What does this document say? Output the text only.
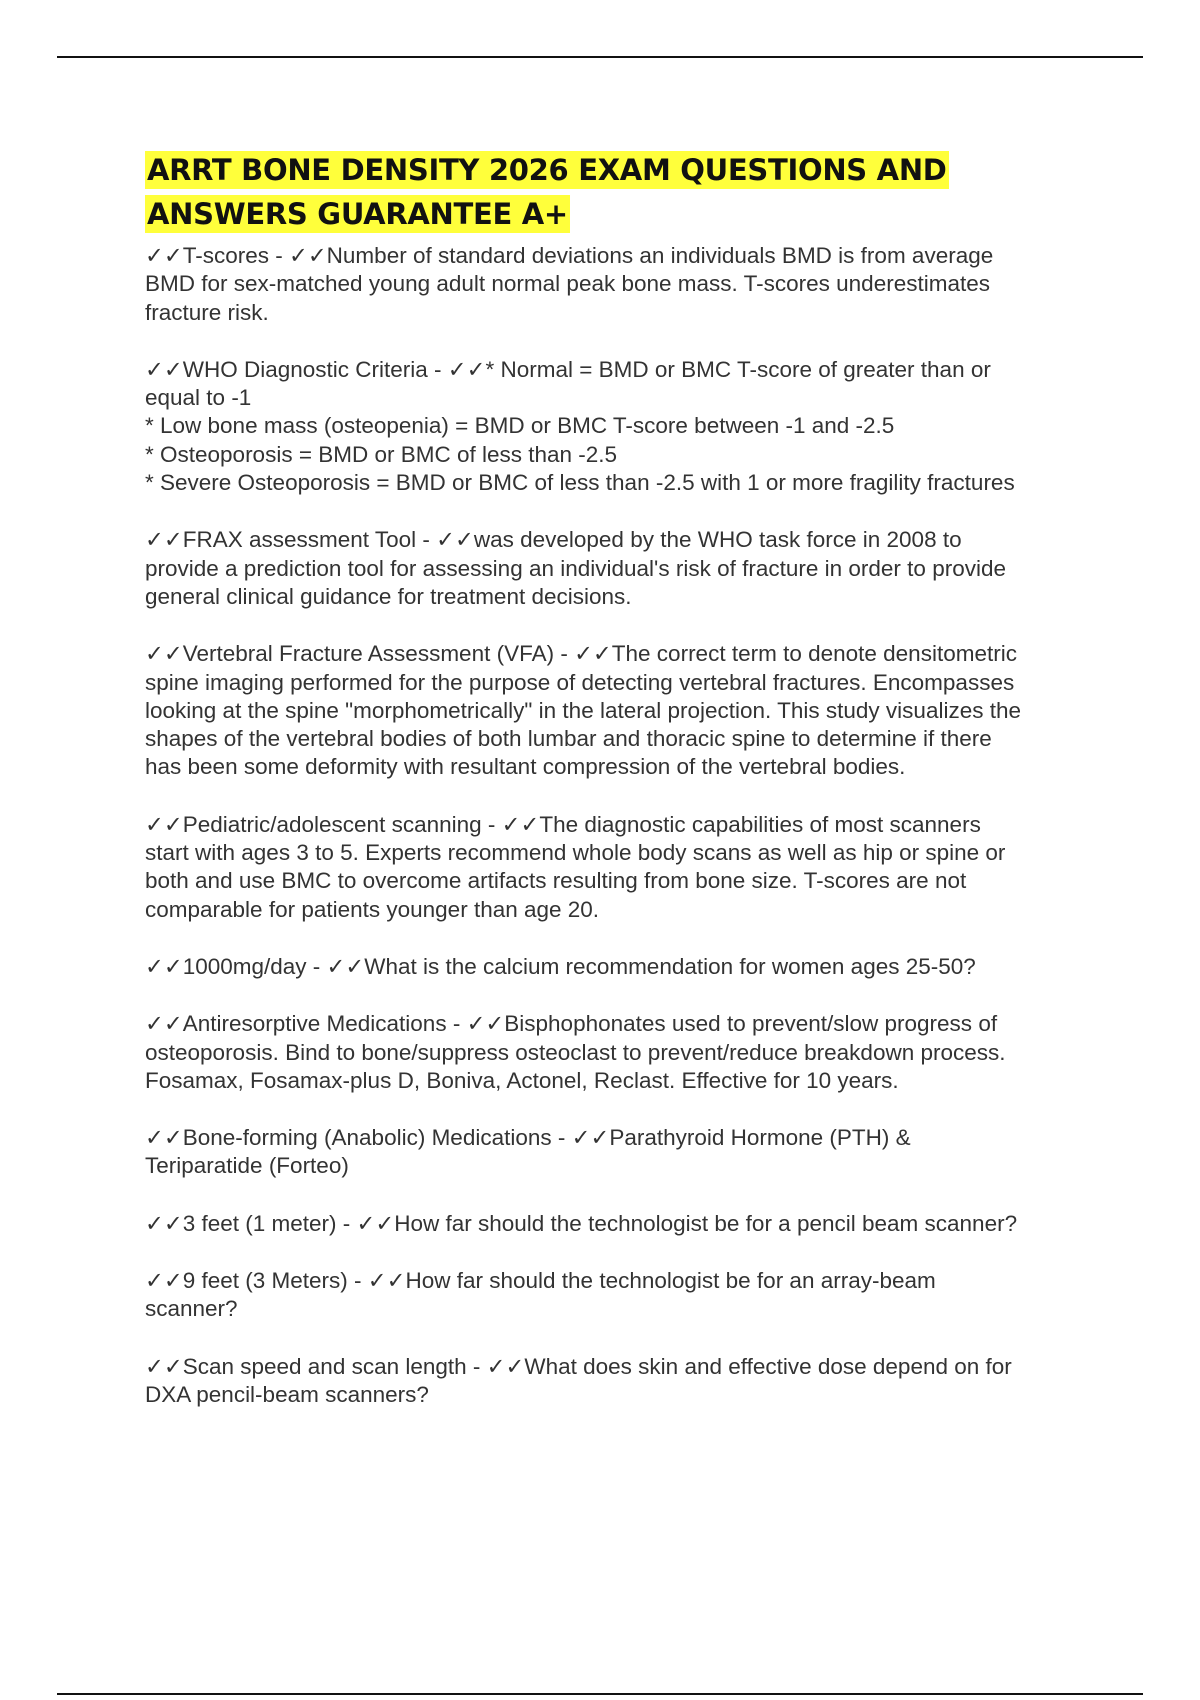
ARRT BONE DENSITY 2026 EXAM QUESTIONS AND
ANSWERS GUARANTEE A+
✓✓T-scores - ✓✓Number of standard deviations an individuals BMD is from average
BMD for sex-matched young adult normal peak bone mass. T-scores underestimates
fracture risk.
✓✓WHO Diagnostic Criteria - ✓✓* Normal = BMD or BMC T-score of greater than or
equal to -1
* Low bone mass (osteopenia) = BMD or BMC T-score between -1 and -2.5
* Osteoporosis = BMD or BMC of less than -2.5
* Severe Osteoporosis = BMD or BMC of less than -2.5 with 1 or more fragility fractures
✓✓FRAX assessment Tool - ✓✓was developed by the WHO task force in 2008 to
provide a prediction tool for assessing an individual's risk of fracture in order to provide
general clinical guidance for treatment decisions.
✓✓Vertebral Fracture Assessment (VFA) - ✓✓The correct term to denote densitometric
spine imaging performed for the purpose of detecting vertebral fractures. Encompasses
looking at the spine "morphometrically" in the lateral projection. This study visualizes the
shapes of the vertebral bodies of both lumbar and thoracic spine to determine if there
has been some deformity with resultant compression of the vertebral bodies.
✓✓Pediatric/adolescent scanning - ✓✓The diagnostic capabilities of most scanners
start with ages 3 to 5. Experts recommend whole body scans as well as hip or spine or
both and use BMC to overcome artifacts resulting from bone size. T-scores are not
comparable for patients younger than age 20.
✓✓1000mg/day - ✓✓What is the calcium recommendation for women ages 25-50?
✓✓Antiresorptive Medications - ✓✓Bisphophonates used to prevent/slow progress of
osteoporosis. Bind to bone/suppress osteoclast to prevent/reduce breakdown process.
Fosamax, Fosamax-plus D, Boniva, Actonel, Reclast. Effective for 10 years.
✓✓Bone-forming (Anabolic) Medications - ✓✓Parathyroid Hormone (PTH) &
Teriparatide (Forteo)
✓✓3 feet (1 meter) - ✓✓How far should the technologist be for a pencil beam scanner?
✓✓9 feet (3 Meters) - ✓✓How far should the technologist be for an array-beam
scanner?
✓✓Scan speed and scan length - ✓✓What does skin and effective dose depend on for
DXA pencil-beam scanners?
